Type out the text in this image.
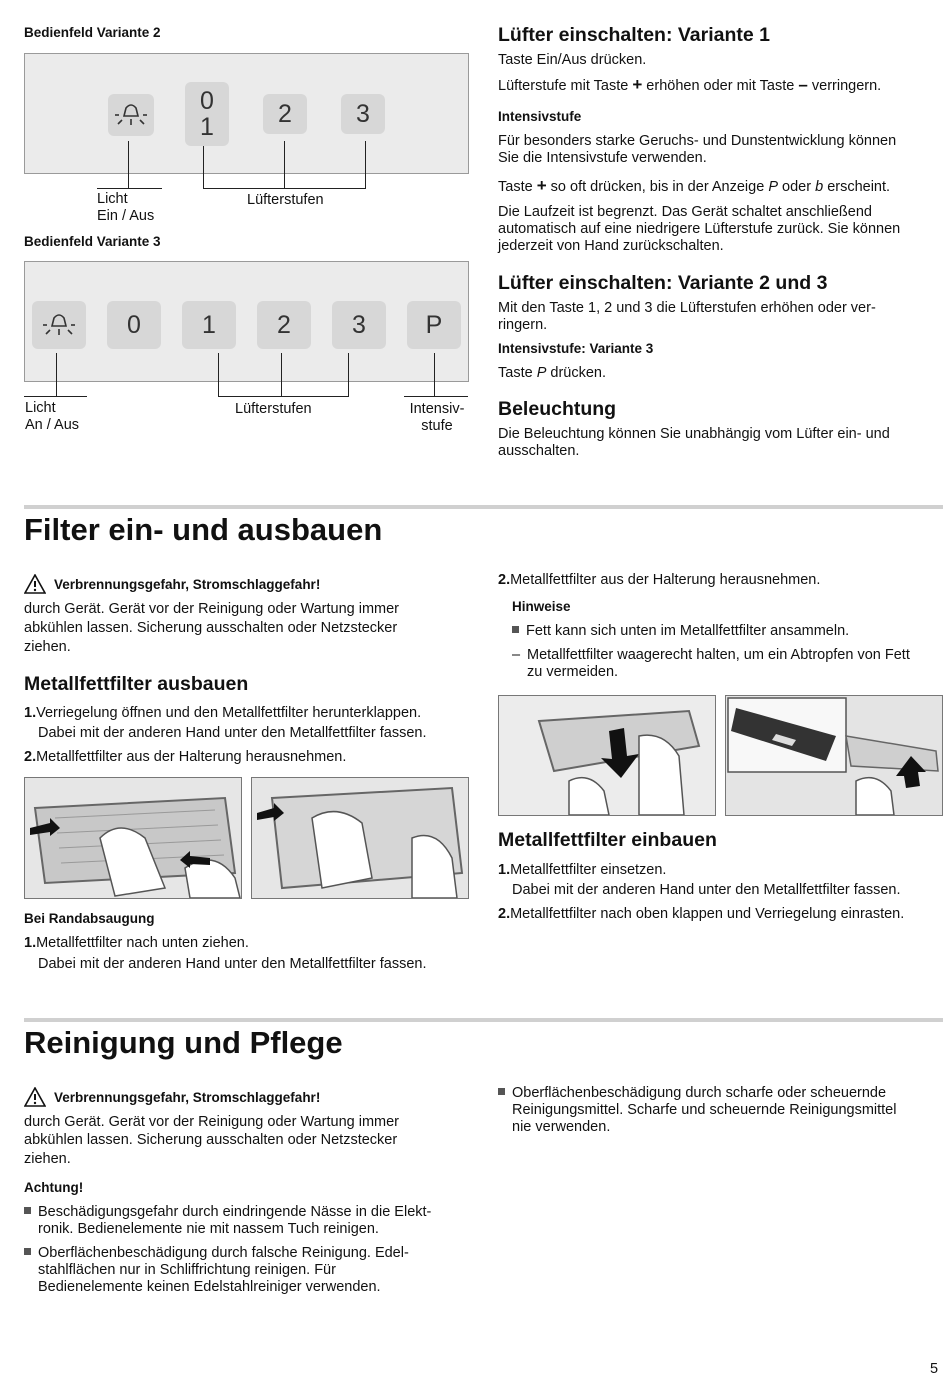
Bedienfeld Variante 2
0
1	2	3
Licht
Ein / Aus
Lüfterstufen
Bedienfeld Variante 3
0	1	2	3	P
Licht
An / Aus
Lüfterstufen	Intensiv-
stufe
Lüfter einschalten: Variante 1
Taste Ein/Aus drücken.
Lüfterstufe mit Taste + erhöhen oder mit Taste – verringern.
Intensivstufe
Für besonders starke Geruchs- und Dunstentwicklung können
Sie die Intensivstufe verwenden.
Taste + so oft drücken, bis in der Anzeige P oder b erscheint.
Die Laufzeit ist begrenzt. Das Gerät schaltet anschließend
automatisch auf eine niedrigere Lüfterstufe zurück. Sie können
jederzeit von Hand zurückschalten.
Lüfter einschalten: Variante 2 und 3
Mit den Taste 1, 2 und 3 die Lüfterstufen erhöhen oder ver-
ringern.
Intensivstufe: Variante 3
Taste P drücken.
Beleuchtung
Die Beleuchtung können Sie unabhängig vom Lüfter ein- und
ausschalten.
Filter ein- und ausbauen
Verbrennungsgefahr, Stromschlaggefahr!
durch Gerät. Gerät vor der Reinigung oder Wartung immer
abkühlen lassen. Sicherung ausschalten oder Netzstecker
ziehen.
Metallfettfilter ausbauen
1.Verriegelung öffnen und den Metallfettfilter herunterklappen.
Dabei mit der anderen Hand unter den Metallfettfilter fassen.
2.Metallfettfilter aus der Halterung herausnehmen.
Bei Randabsaugung
1.Metallfettfilter nach unten ziehen.
Dabei mit der anderen Hand unter den Metallfettfilter fassen.
2.Metallfettfilter aus der Halterung herausnehmen.
Hinweise
Fett kann sich unten im Metallfettfilter ansammeln.
– Metallfettfilter waagerecht halten, um ein Abtropfen von Fett
zu vermeiden.
Metallfettfilter einbauen
1.Metallfettfilter einsetzen.
Dabei mit der anderen Hand unter den Metallfettfilter fassen.
2.Metallfettfilter nach oben klappen und Verriegelung einrasten.
Reinigung und Pflege
Verbrennungsgefahr, Stromschlaggefahr!
durch Gerät. Gerät vor der Reinigung oder Wartung immer
abkühlen lassen. Sicherung ausschalten oder Netzstecker
ziehen.
Achtung!
Beschädigungsgefahr durch eindringende Nässe in die Elekt-
ronik. Bedienelemente nie mit nassem Tuch reinigen.
Oberflächenbeschädigung durch falsche Reinigung. Edel-
stahlflächen nur in Schliffrichtung reinigen. Für
Bedienelemente keinen Edelstahlreiniger verwenden.
Oberflächenbeschädigung durch scharfe oder scheuernde
Reinigungsmittel. Scharfe und scheuernde Reinigungsmittel
nie verwenden.
5
